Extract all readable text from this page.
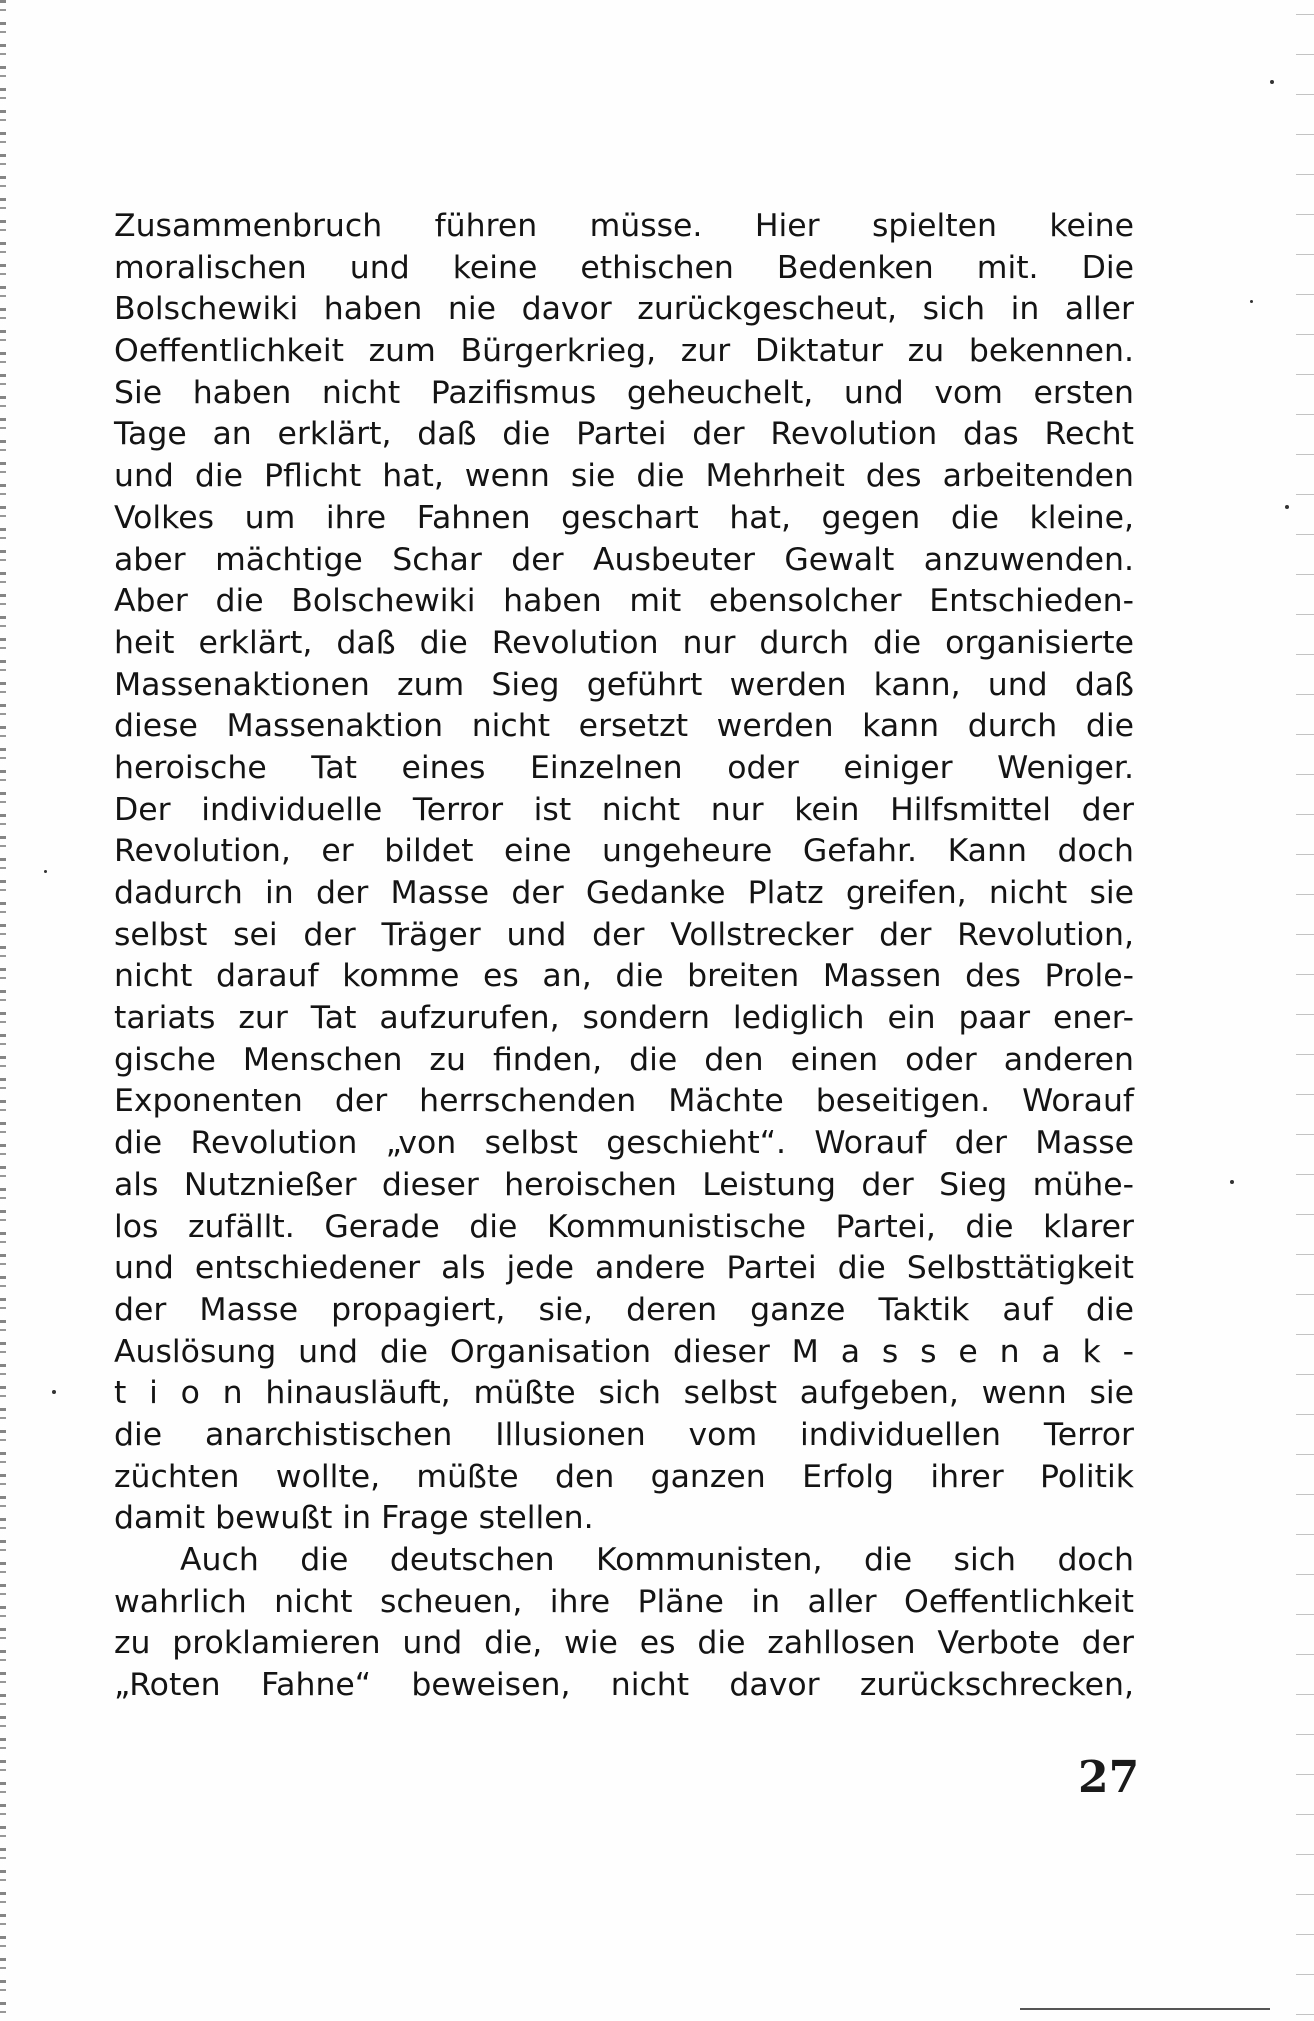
Zusammenbruch führen müsse. Hier spielten keine
moralischen und keine ethischen Bedenken mit. Die
Bolschewiki haben nie davor zurückgescheut, sich in aller
Oeffentlichkeit zum Bürgerkrieg, zur Diktatur zu bekennen.
Sie haben nicht Pazifismus geheuchelt, und vom ersten
Tage an erklärt, daß die Partei der Revolution das Recht
und die Pflicht hat, wenn sie die Mehrheit des arbeitenden
Volkes um ihre Fahnen geschart hat, gegen die kleine,
aber mächtige Schar der Ausbeuter Gewalt anzuwenden.
Aber die Bolschewiki haben mit ebensolcher Entschieden-
heit erklärt, daß die Revolution nur durch die organisierte
Massenaktionen zum Sieg geführt werden kann, und daß
diese Massenaktion nicht ersetzt werden kann durch die
heroische Tat eines Einzelnen oder einiger Weniger.
Der individuelle Terror ist nicht nur kein Hilfsmittel der
Revolution, er bildet eine ungeheure Gefahr. Kann doch
dadurch in der Masse der Gedanke Platz greifen, nicht sie
selbst sei der Träger und der Vollstrecker der Revolution,
nicht darauf komme es an, die breiten Massen des Prole-
tariats zur Tat aufzurufen, sondern lediglich ein paar ener-
gische Menschen zu finden, die den einen oder anderen
Exponenten der herrschenden Mächte beseitigen. Worauf
die Revolution „von selbst geschieht“. Worauf der Masse
als Nutznießer dieser heroischen Leistung der Sieg mühe-
los zufällt. Gerade die Kommunistische Partei, die klarer
und entschiedener als jede andere Partei die Selbsttätigkeit
der Masse propagiert, sie, deren ganze Taktik auf die
Auslösung und die Organisation dieser M a s s e n a k -
t i o n hinausläuft, müßte sich selbst aufgeben, wenn sie
die anarchistischen Illusionen vom individuellen Terror
züchten wollte, müßte den ganzen Erfolg ihrer Politik
damit bewußt in Frage stellen.
Auch die deutschen Kommunisten, die sich doch
wahrlich nicht scheuen, ihre Pläne in aller Oeffentlichkeit
zu proklamieren und die, wie es die zahllosen Verbote der
„Roten Fahne“ beweisen, nicht davor zurückschrecken,
27
